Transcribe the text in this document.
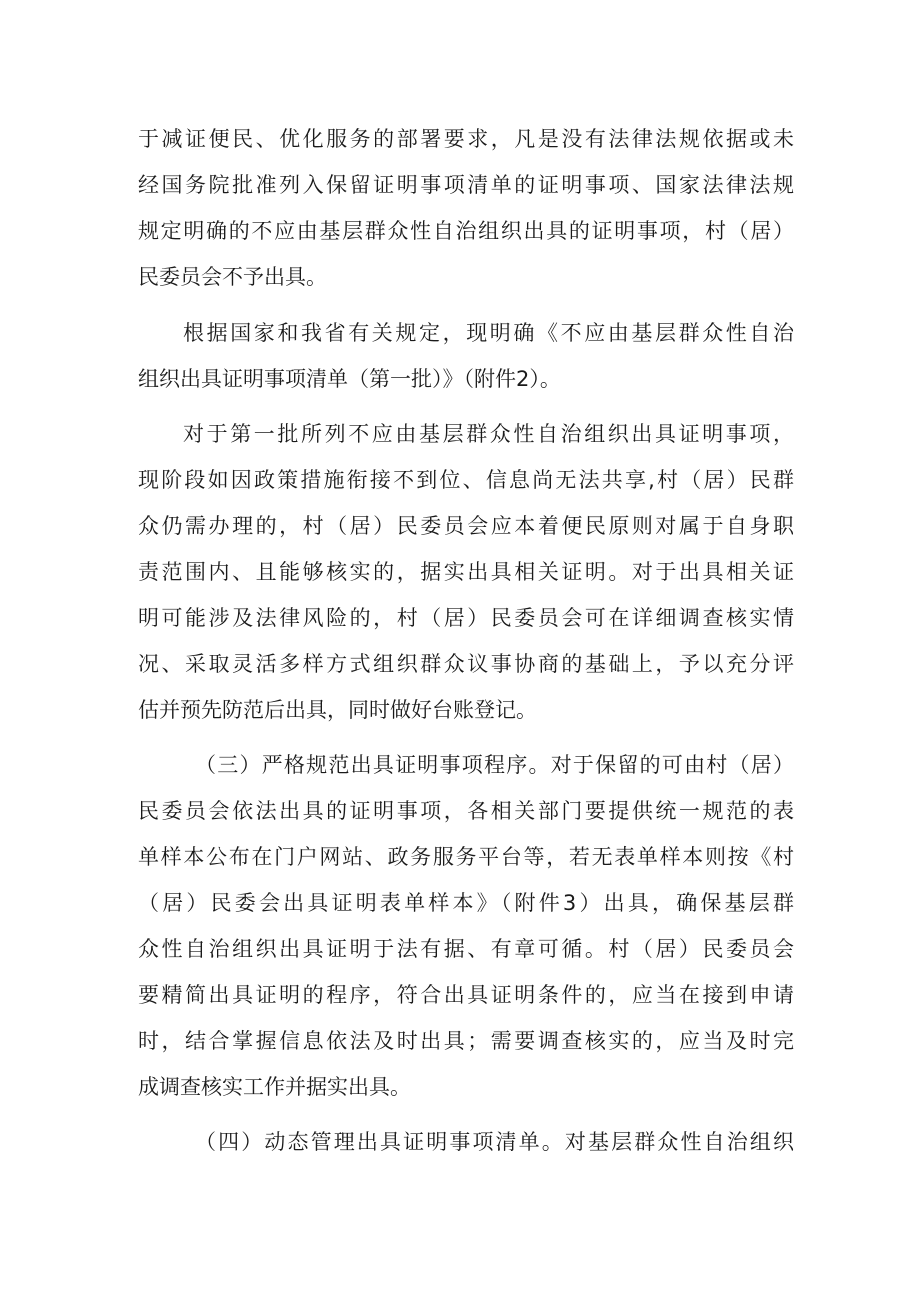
于减证便民、优化服务的部署要求，凡是没有法律法规依据或未
经国务院批准列入保留证明事项清单的证明事项、国家法律法规
规定明确的不应由基层群众性自治组织出具的证明事项，村（居）
民委员会不予出具。
根据国家和我省有关规定，现明确《不应由基层群众性自治
组织出具证明事项清单（第一批）》（附件2）。
对于第一批所列不应由基层群众性自治组织出具证明事项，
现阶段如因政策措施衔接不到位、信息尚无法共享,村（居）民群
众仍需办理的，村（居）民委员会应本着便民原则对属于自身职
责范围内、且能够核实的，据实出具相关证明。对于出具相关证
明可能涉及法律风险的，村（居）民委员会可在详细调查核实情
况、采取灵活多样方式组织群众议事协商的基础上，予以充分评
估并预先防范后出具，同时做好台账登记。
（三）严格规范出具证明事项程序。对于保留的可由村（居）
民委员会依法出具的证明事项，各相关部门要提供统一规范的表
单样本公布在门户网站、政务服务平台等，若无表单样本则按《村
（居）民委会出具证明表单样本》（附件3）出具，确保基层群
众性自治组织出具证明于法有据、有章可循。村（居）民委员会
要精简出具证明的程序，符合出具证明条件的，应当在接到申请
时，结合掌握信息依法及时出具；需要调查核实的，应当及时完
成调查核实工作并据实出具。
（四）动态管理出具证明事项清单。对基层群众性自治组织
